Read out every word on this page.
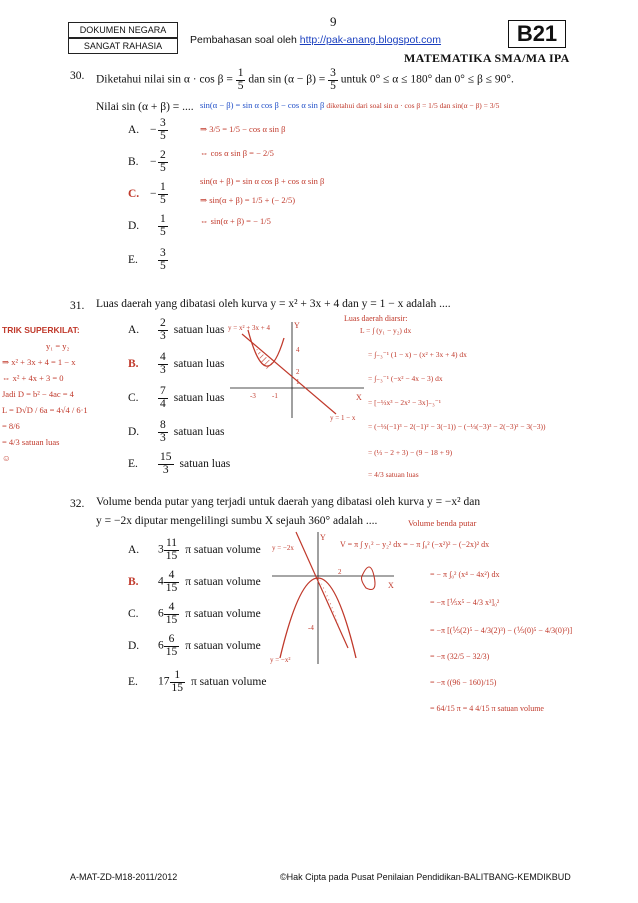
DOKUMEN NEGARA
SANGAT RAHASIA
9
Pembahasan soal oleh http://pak-anang.blogspot.com	B21
MATEMATIKA SMA/MA IPA
30. Diketahui nilai $\sin \alpha \cdot \cos \beta = \frac{1}{5}$ dan $\sin (\alpha - \beta) = \frac{3}{5}$ untuk 0° ≤ α ≤ 180° dan 0° ≤ β ≤ 90°.
Nilai sin (α + β) = ....
A. − $\frac{3}{5}$
B. − $\frac{2}{5}$
C. − $\frac{1}{5}$
D. $\frac{1}{5}$
E. $\frac{3}{5}$
sin(α − β) = sin α cos β − cos α sin β diketahui dari soal sin α · cos β = 1/5 dan sin(α − β) = 3/5
⇒ 3/5 = 1/5 − cos α sin β
⇔ cos α sin β = − 2/5
sin(α + β) = sin α cos β + cos α sin β
⇒ sin(α + β) = 1/5 + (− 2/5)
⇔ sin(α + β) = − 1/5
31. Luas daerah yang dibatasi oleh kurva y = x² + 3x + 4 dan y = 1 − x adalah ....
TRIK SUPERKILAT:
y₁ = y₂
⇒ x² + 3x + 4 = 1 − x
⇔ x² + 4x + 3 = 0
Jadi D = b² − 4ac = 4
L = D√D / 6a = 4√4 / 6·1
= 8/6
= 4/3 satuan luas
☺
A. $\frac{2}{3}$ satuan luas
B. $\frac{4}{3}$ satuan luas
C. $\frac{7}{4}$ satuan luas
D. $\frac{8}{3}$ satuan luas
E. $\frac{15}{3}$ satuan luas
Y
X
y = x² + 3x + 4
y = 1 − x
4
2
1
-3 -1
Luas daerah diarsir:
L = ∫ (y₁ − y₂) dx
= ∫₋₃⁻¹ (1 − x) − (x² + 3x + 4) dx
= ∫₋₃⁻¹ (−x² − 4x − 3) dx
= [−⅓x³ − 2x² − 3x]₋₃⁻¹
= (−⅓(−1)³ − 2(−1)² − 3(−1)) − (−⅓(−3)³ − 2(−3)² − 3(−3))
= (⅓ − 2 + 3) − (9 − 18 + 9)
= 4/3 satuan luas
32. Volume benda putar yang terjadi untuk daerah yang dibatasi oleh kurva y = −x² dan
y = −2x diputar mengelilingi sumbu X sejauh 360° adalah ....	Volume benda putar
A. $3 \frac{11}{15}$ π satuan volume
B. $4 \frac{4}{15}$ π satuan volume
C. $6 \frac{4}{15}$ π satuan volume
D. $6 \frac{6}{15}$ π satuan volume
E. $17 \frac{1}{15}$ π satuan volume
Y
X
y = −2x
y = −x²
2
-4
V = π ∫ y₁² − y₂² dx = − π ∫₀² (−x²)² − (−2x)² dx
= − π ∫₀² (x⁴ − 4x²) dx
= −π [⅕x⁵ − 4/3 x³]₀²
= −π [(⅕(2)⁵ − 4/3(2)³) − (⅕(0)⁵ − 4/3(0)³)]
= −π (32/5 − 32/3)
= −π ((96 − 160)/15)
= 64/15 π = 4 4/15 π satuan volume
A-MAT-ZD-M18-2011/2012	©Hak Cipta pada Pusat Penilaian Pendidikan-BALITBANG-KEMDIKBUD
